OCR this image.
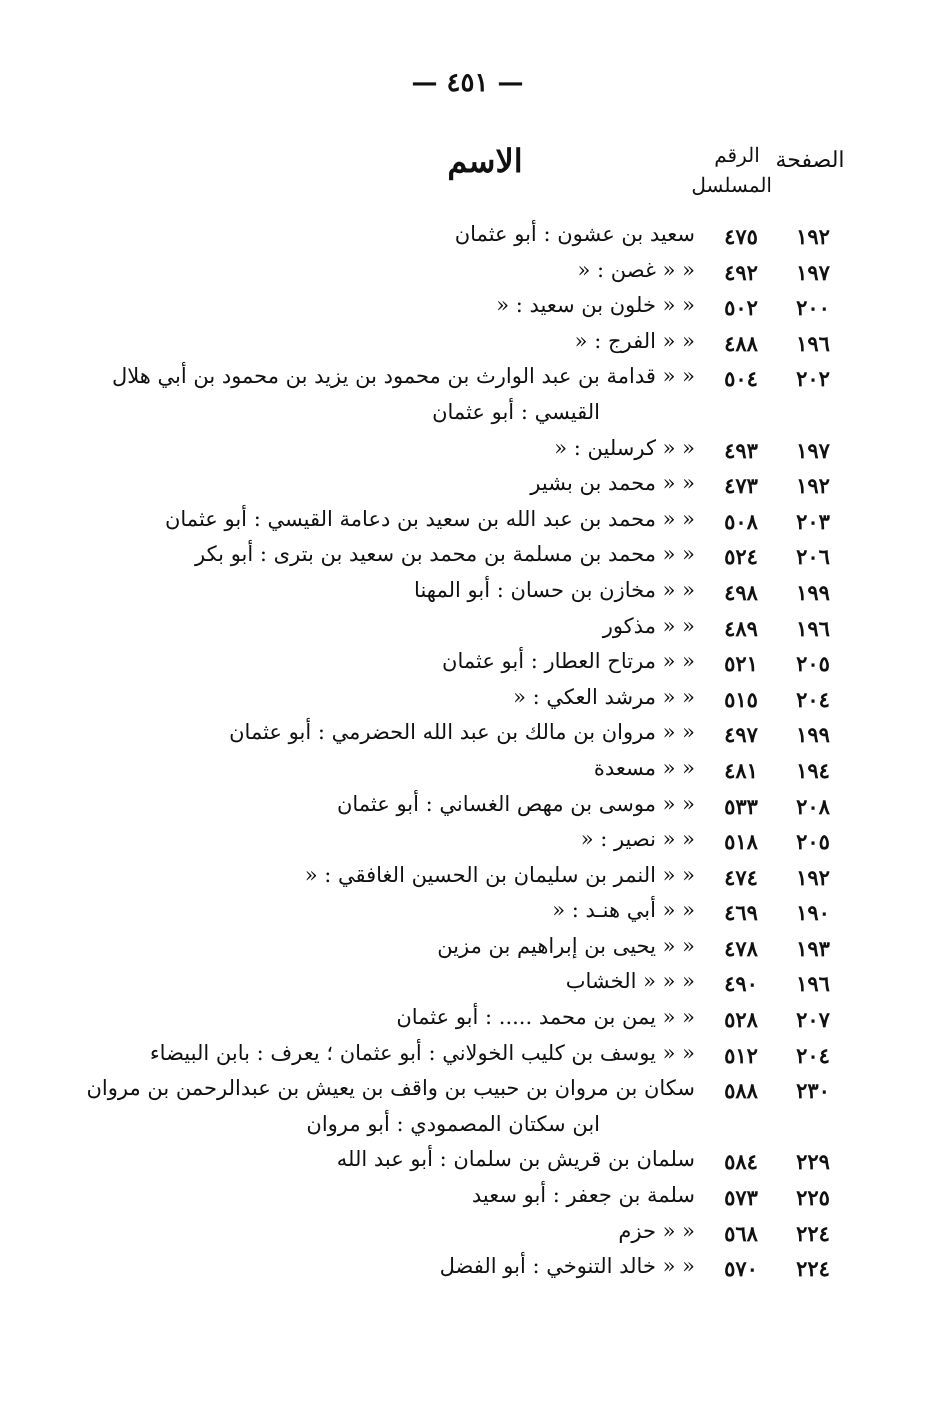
— ٤٥١ —
الصفحة
الرقم
المسلسل
الاسم
١٩٢
٤٧٥
سعيد بن عشون : أبو عثمان
١٩٧
٤٩٢
« « غصن : «
٢٠٠
٥٠٢
« « خلون بن سعيد : «
١٩٦
٤٨٨
« « الفرج : «
٢٠٢
٥٠٤
« « قدامة بن عبد الوارث بن محمود بن يزيد بن محمود بن أبي هلال
القيسي : أبو عثمان
١٩٧
٤٩٣
« « كرسلين : «
١٩٢
٤٧٣
« « محمد بن بشير
٢٠٣
٥٠٨
« « محمد بن عبد الله بن سعيد بن دعامة القيسي : أبو عثمان
٢٠٦
٥٢٤
« « محمد بن مسلمة بن محمد بن سعيد بن بترى : أبو بكر
١٩٩
٤٩٨
« « مخازن بن حسان : أبو المهنا
١٩٦
٤٨٩
« « مذكور
٢٠٥
٥٢١
« « مرتاح العطار : أبو عثمان
٢٠٤
٥١٥
« « مرشد العكي : «
١٩٩
٤٩٧
« « مروان بن مالك بن عبد الله الحضرمي : أبو عثمان
١٩٤
٤٨١
« « مسعدة
٢٠٨
٥٣٣
« « موسى بن مهص الغساني : أبو عثمان
٢٠٥
٥١٨
« « نصير : «
١٩٢
٤٧٤
« « النمر بن سليمان بن الحسين الغافقي : «
١٩٠
٤٦٩
« « أبي هنـد : «
١٩٣
٤٧٨
« « يحيى بن إبراهيم بن مزين
١٩٦
٤٩٠
« « « الخشاب
٢٠٧
٥٢٨
« « يمن بن محمد ..... : أبو عثمان
٢٠٤
٥١٢
« « يوسف بن كليب الخولاني : أبو عثمان ؛ يعرف : بابن البيضاء
٢٣٠
٥٨٨
سكان بن مروان بن حبيب بن واقف بن يعيش بن عبدالرحمن بن مروان
ابن سكتان المصمودي : أبو مروان
٢٢٩
٥٨٤
سلمان بن قريش بن سلمان : أبو عبد الله
٢٢٥
٥٧٣
سلمة بن جعفر : أبو سعيد
٢٢٤
٥٦٨
« « حزم
٢٢٤
٥٧٠
« « خالد التنوخي : أبو الفضل
